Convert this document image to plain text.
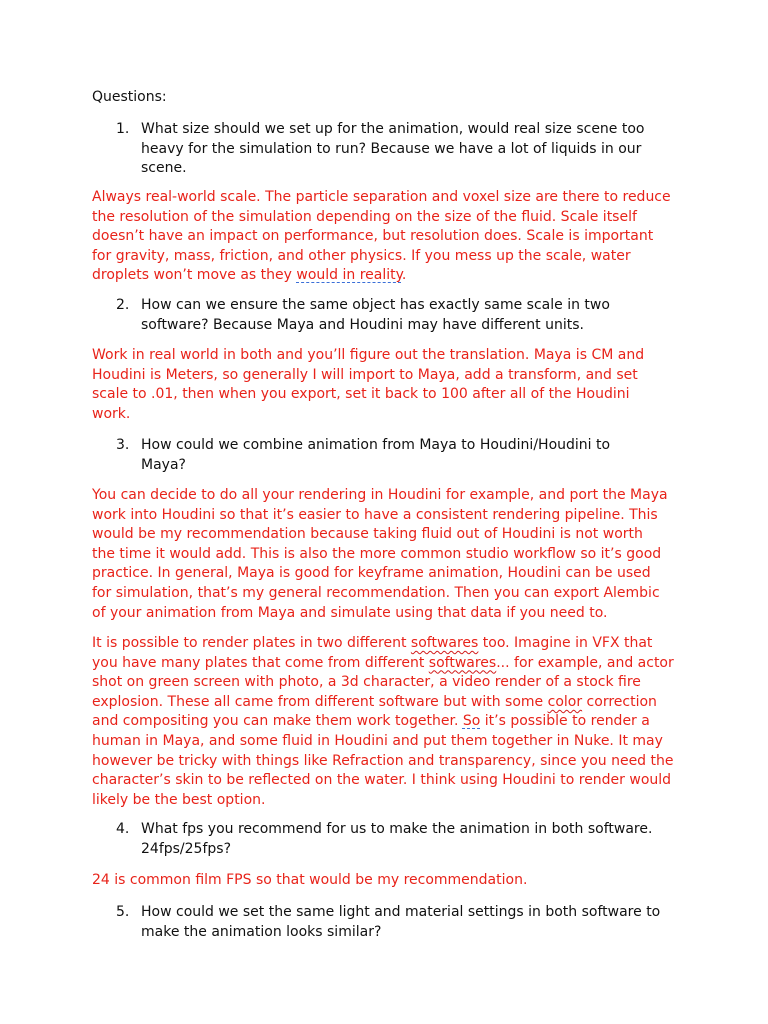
Questions:

1. What size should we set up for the animation, would real size scene too
heavy for the simulation to run? Because we have a lot of liquids in our
scene.
Always real-world scale. The particle separation and voxel size are there to reduce
the resolution of the simulation depending on the size of the fluid. Scale itself
doesn’t have an impact on performance, but resolution does. Scale is important
for gravity, mass, friction, and other physics. If you mess up the scale, water
droplets won’t move as they would in reality.
2. How can we ensure the same object has exactly same scale in two
software? Because Maya and Houdini may have different units.
Work in real world in both and you’ll figure out the translation. Maya is CM and
Houdini is Meters, so generally I will import to Maya, add a transform, and set
scale to .01, then when you export, set it back to 100 after all of the Houdini
work.
3. How could we combine animation from Maya to Houdini/Houdini to
Maya?
You can decide to do all your rendering in Houdini for example, and port the Maya
work into Houdini so that it’s easier to have a consistent rendering pipeline. This
would be my recommendation because taking fluid out of Houdini is not worth
the time it would add. This is also the more common studio workflow so it’s good
practice. In general, Maya is good for keyframe animation, Houdini can be used
for simulation, that’s my general recommendation. Then you can export Alembic
of your animation from Maya and simulate using that data if you need to.
It is possible to render plates in two different softwares too. Imagine in VFX that
you have many plates that come from different softwares... for example, and actor
shot on green screen with photo, a 3d character, a video render of a stock fire
explosion. These all came from different software but with some color correction
and compositing you can make them work together. So it’s possible to render a
human in Maya, and some fluid in Houdini and put them together in Nuke. It may
however be tricky with things like Refraction and transparency, since you need the
character’s skin to be reflected on the water. I think using Houdini to render would
likely be the best option.
4. What fps you recommend for us to make the animation in both software.
24fps/25fps?
24 is common film FPS so that would be my recommendation.
5. How could we set the same light and material settings in both software to
make the animation looks similar?
